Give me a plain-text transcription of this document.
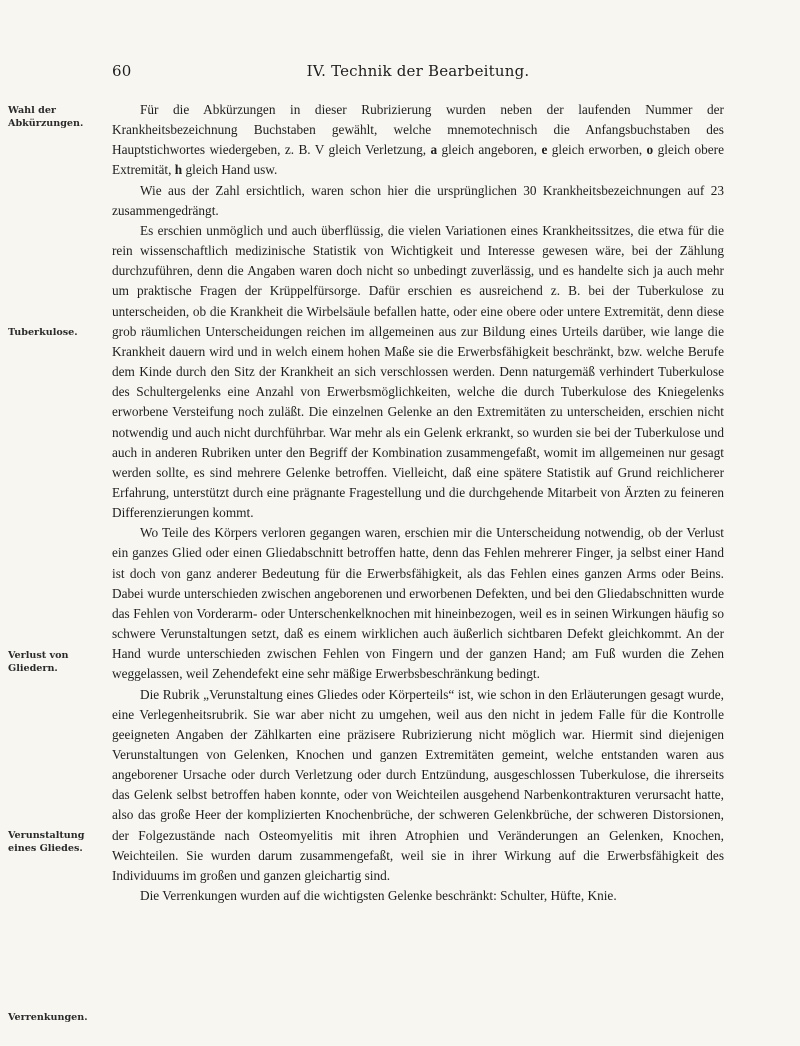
60	IV. Technik der Bearbeitung.
Wahl der Abkürzungen.
Tuberkulose.
Verlust von Gliedern.
Verunstaltung eines Gliedes.
Verrenkungen.

Für die Abkürzungen in dieser Rubrizierung wurden neben der laufenden Nummer der Krankheitsbezeichnung Buchstaben gewählt, welche mnemotechnisch die Anfangsbuchstaben des Hauptstichwortes wiedergeben, z. B. V gleich Verletzung, a gleich angeboren, e gleich erworben, o gleich obere Extremität, h gleich Hand usw.

Wie aus der Zahl ersichtlich, waren schon hier die ursprünglichen 30 Krankheitsbezeichnungen auf 23 zusammengedrängt.

Es erschien unmöglich und auch überflüssig, die vielen Variationen eines Krankheitssitzes, die etwa für die rein wissenschaftlich medizinische Statistik von Wichtigkeit und Interesse gewesen wäre, bei der Zählung durchzuführen, denn die Angaben waren doch nicht so unbedingt zuverlässig, und es handelte sich ja auch mehr um praktische Fragen der Krüppelfürsorge. Dafür erschien es ausreichend z. B. bei der Tuberkulose zu unterscheiden, ob die Krankheit die Wirbelsäule befallen hatte, oder eine obere oder untere Extremität, denn diese grob räumlichen Unterscheidungen reichen im allgemeinen aus zur Bildung eines Urteils darüber, wie lange die Krankheit dauern wird und in welch einem hohen Maße sie die Erwerbsfähigkeit beschränkt, bzw. welche Berufe dem Kinde durch den Sitz der Krankheit an sich verschlossen werden. Denn naturgemäß verhindert Tuberkulose des Schultergelenks eine Anzahl von Erwerbsmöglichkeiten, welche die durch Tuberkulose des Kniegelenks erworbene Versteifung noch zuläßt. Die einzelnen Gelenke an den Extremitäten zu unterscheiden, erschien nicht notwendig und auch nicht durchführbar. War mehr als ein Gelenk erkrankt, so wurden sie bei der Tuberkulose und auch in anderen Rubriken unter den Begriff der Kombination zusammengefaßt, womit im allgemeinen nur gesagt werden sollte, es sind mehrere Gelenke betroffen. Vielleicht, daß eine spätere Statistik auf Grund reichlicherer Erfahrung, unterstützt durch eine prägnante Fragestellung und die durchgehende Mitarbeit von Ärzten zu feineren Differenzierungen kommt.

Wo Teile des Körpers verloren gegangen waren, erschien mir die Unterscheidung notwendig, ob der Verlust ein ganzes Glied oder einen Gliedabschnitt betroffen hatte, denn das Fehlen mehrerer Finger, ja selbst einer Hand ist doch von ganz anderer Bedeutung für die Erwerbsfähigkeit, als das Fehlen eines ganzen Arms oder Beins. Dabei wurde unterschieden zwischen angeborenen und erworbenen Defekten, und bei den Gliedabschnitten wurde das Fehlen von Vorderarm- oder Unterschenkelknochen mit hineinbezogen, weil es in seinen Wirkungen häufig so schwere Verunstaltungen setzt, daß es einem wirklichen auch äußerlich sichtbaren Defekt gleichkommt. An der Hand wurde unterschieden zwischen Fehlen von Fingern und der ganzen Hand; am Fuß wurden die Zehen weggelassen, weil Zehendefekt eine sehr mäßige Erwerbsbeschränkung bedingt.

Die Rubrik „Verunstaltung eines Gliedes oder Körperteils“ ist, wie schon in den Erläuterungen gesagt wurde, eine Verlegenheitsrubrik. Sie war aber nicht zu umgehen, weil aus den nicht in jedem Falle für die Kontrolle geeigneten Angaben der Zählkarten eine präzisere Rubrizierung nicht möglich war. Hiermit sind diejenigen Verunstaltungen von Gelenken, Knochen und ganzen Extremitäten gemeint, welche entstanden waren aus angeborener Ursache oder durch Verletzung oder durch Entzündung, ausgeschlossen Tuberkulose, die ihrerseits das Gelenk selbst betroffen haben konnte, oder von Weichteilen ausgehend Narbenkontrakturen verursacht hatte, also das große Heer der komplizierten Knochenbrüche, der schweren Gelenkbrüche, der schweren Distorsionen, der Folgezustände nach Osteomyelitis mit ihren Atrophien und Veränderungen an Gelenken, Knochen, Weichteilen. Sie wurden darum zusammengefaßt, weil sie in ihrer Wirkung auf die Erwerbsfähigkeit des Individuums im großen und ganzen gleichartig sind.

Die Verrenkungen wurden auf die wichtigsten Gelenke beschränkt: Schulter, Hüfte, Knie.
